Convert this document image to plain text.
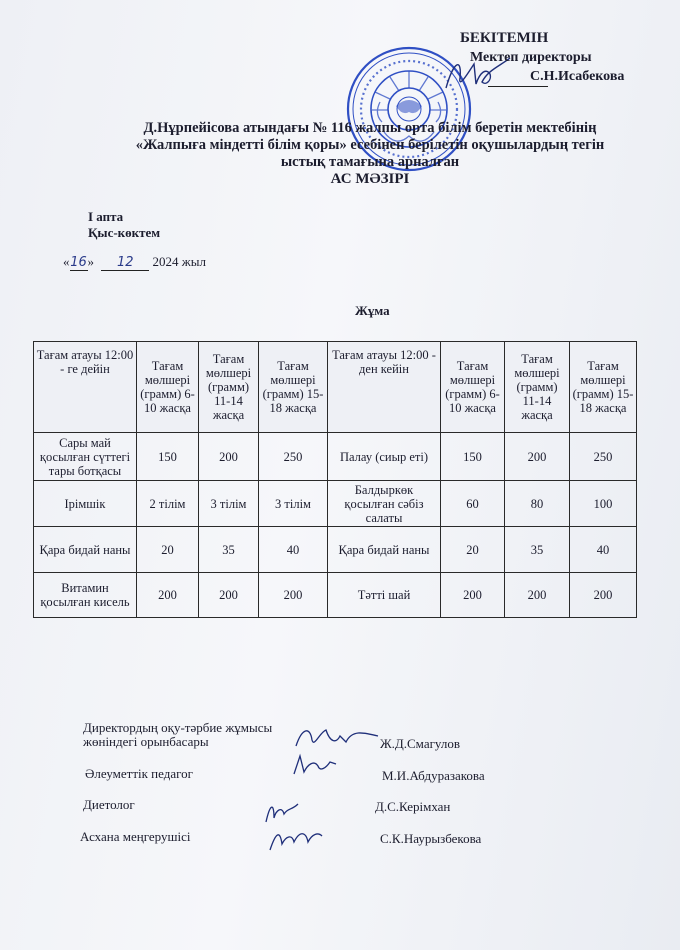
БЕКІТЕМІН
Мектеп директоры
С.Н.Исабекова
Д.Нұрпейісова атындағы № 116 жалпы орта білім беретін мектебінің
«Жалпыға міндетті білім қоры» есебінен берілетін оқушылардың тегін
ыстық тамағына арналған
АС МӘЗІРІ
І апта
Қыс-көктем
«16» 12 2024 жыл
Жұма
Тағам атауы 12:00 - ге дейін	Тағам мөлшері (грамм) 6-10 жасқа	Тағам мөлшері (грамм) 11-14 жасқа	Тағам мөлшері (грамм) 15-18 жасқа	Тағам атауы 12:00 - ден кейін	Тағам мөлшері (грамм) 6-10 жасқа	Тағам мөлшері (грамм) 11-14 жасқа	Тағам мөлшері (грамм) 15-18 жасқа
Сары май қосылған сүттегі тары ботқасы	150	200	250	Палау (сиыр еті)	150	200	250
Ірімшік	2 тілім	3 тілім	3 тілім	Балдыркөк қосылған сәбіз салаты	60	80	100
Қара бидай наны	20	35	40	Қара бидай наны	20	35	40
Витамин қосылған кисель	200	200	200	Тәтті шай	200	200	200
Директордың оқу-тәрбие жұмысы
жөніндегі орынбасары	Ж.Д.Смагулов
Әлеуметтік педагог	М.И.Абдуразакова
Диетолог	Д.С.Керімхан
Асхана меңгерушісі	С.К.Наурызбекова
